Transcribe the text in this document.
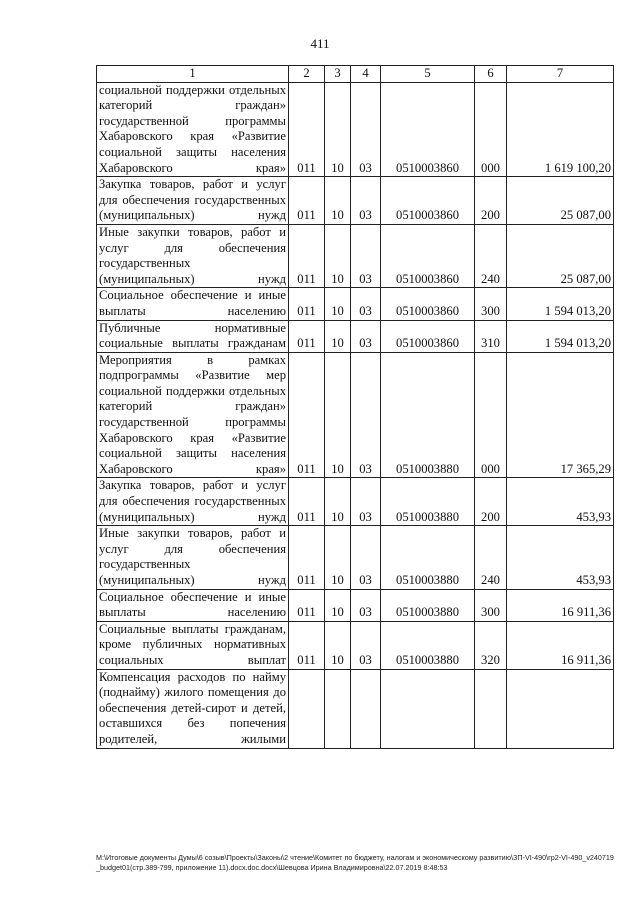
411
1	2	3	4	5	6	7
социальной поддержки отдельных категорий граждан» государственной программы Хабаровского края «Развитие социальной защиты населения Хабаровского края»	011	10	03	0510003860	000	1 619 100,20
Закупка товаров, работ и услуг для обеспечения государственных (муниципальных) нужд	011	10	03	0510003860	200	25 087,00
Иные закупки товаров, работ и услуг для обеспечения государственных (муниципальных) нужд	011	10	03	0510003860	240	25 087,00
Социальное обеспечение и иные выплаты населению	011	10	03	0510003860	300	1 594 013,20
Публичные нормативные социальные выплаты гражданам	011	10	03	0510003860	310	1 594 013,20
Мероприятия в рамках подпрограммы «Развитие мер социальной поддержки отдельных категорий граждан» государственной программы Хабаровского края «Развитие социальной защиты населения Хабаровского края»	011	10	03	0510003880	000	17 365,29
Закупка товаров, работ и услуг для обеспечения государственных (муниципальных) нужд	011	10	03	0510003880	200	453,93
Иные закупки товаров, работ и услуг для обеспечения государственных (муниципальных) нужд	011	10	03	0510003880	240	453,93
Социальное обеспечение и иные выплаты населению	011	10	03	0510003880	300	16 911,36
Социальные выплаты гражданам, кроме публичных нормативных социальных выплат	011	10	03	0510003880	320	16 911,36
Компенсация расходов по найму (поднайму) жилого помещения до обеспечения детей-сирот и детей, оставшихся без попечения родителей, жилыми						
M:\Итоговые документы Думы\6 созыв\Проекты\Законы\2 чтение\Комитет по бюджету, налогам и экономическому развитию\ЗП-VI-490\гр2-VI-490_v240719_budget01(стр.389-799, приложение 11).docx.doc.docx\Шевцова Ирина Владимировна\22.07.2019 8:48:53
